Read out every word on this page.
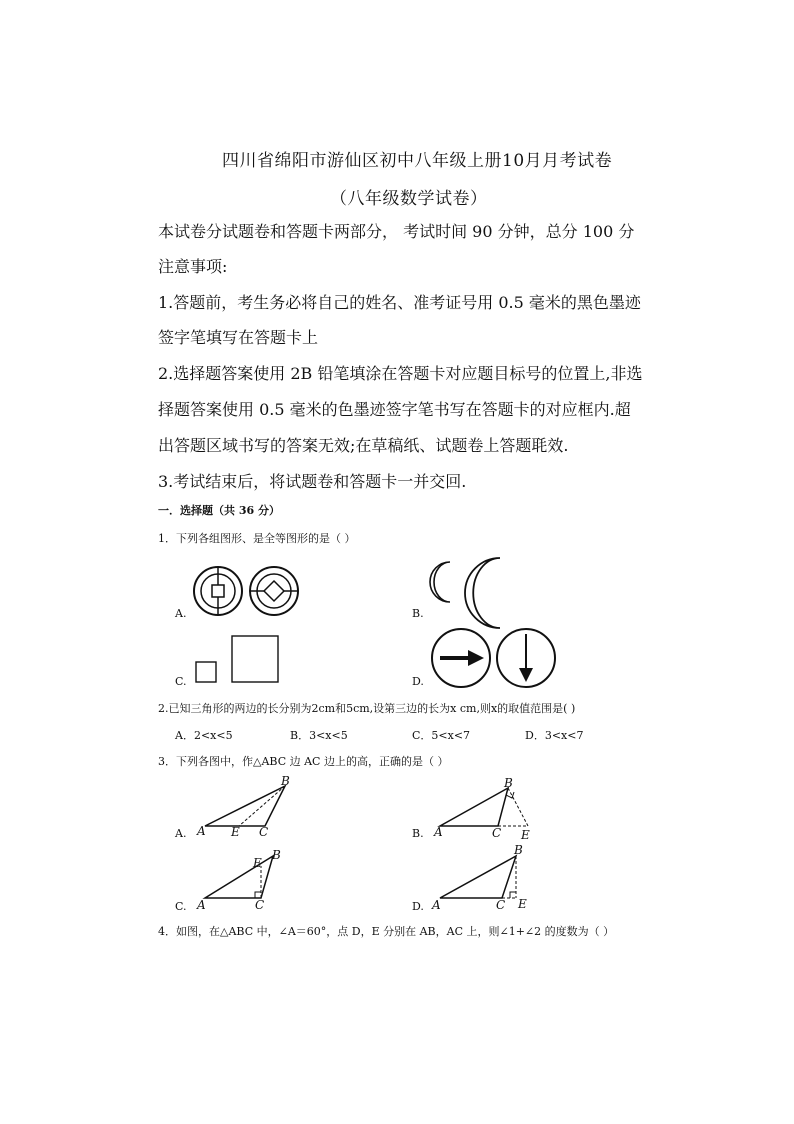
四川省绵阳市游仙区初中八年级上册10月月考试卷
（八年级数学试卷）
本试卷分试题卷和答题卡两部分， 考试时间 90 分钟，总分 100 分
注意事项:
1.答题前，考生务必将自己的姓名、准考证号用 0.5 毫米的黑色墨迹
签字笔填写在答题卡上
2.选择题答案使用 2B 铅笔填涂在答题卡对应题目标号的位置上,非选
择题答案使用 0.5 毫米的色墨迹签字笔书写在答题卡的对应框内.超
出答题区域书写的答案无效;在草稿纸、试题卷上答题毦效.
3.考试结束后，将试题卷和答题卡一并交回.
一．选择题（共 36 分）
1．下列各组图形、是全等图形的是（ ）
A.	B.
C.	D.
2.已知三角形的两边的长分别为2cm和5cm,设第三边的长为x cm,则x的取值范围是( )
A．2<x<5	B．3<x<5	C．5<x<7	D．3<x<7
3．下列各图中，作△ABC 边 AC 边上的高，正确的是（ ）
A.	B.
C.	D.
A E C
B
A	C E
B
A	C
E
B
A	C E
B
4．如图，在△ABC 中，∠A＝60°，点 D，E 分别在 AB，AC 上，则∠1+∠2 的度数为（ ）
